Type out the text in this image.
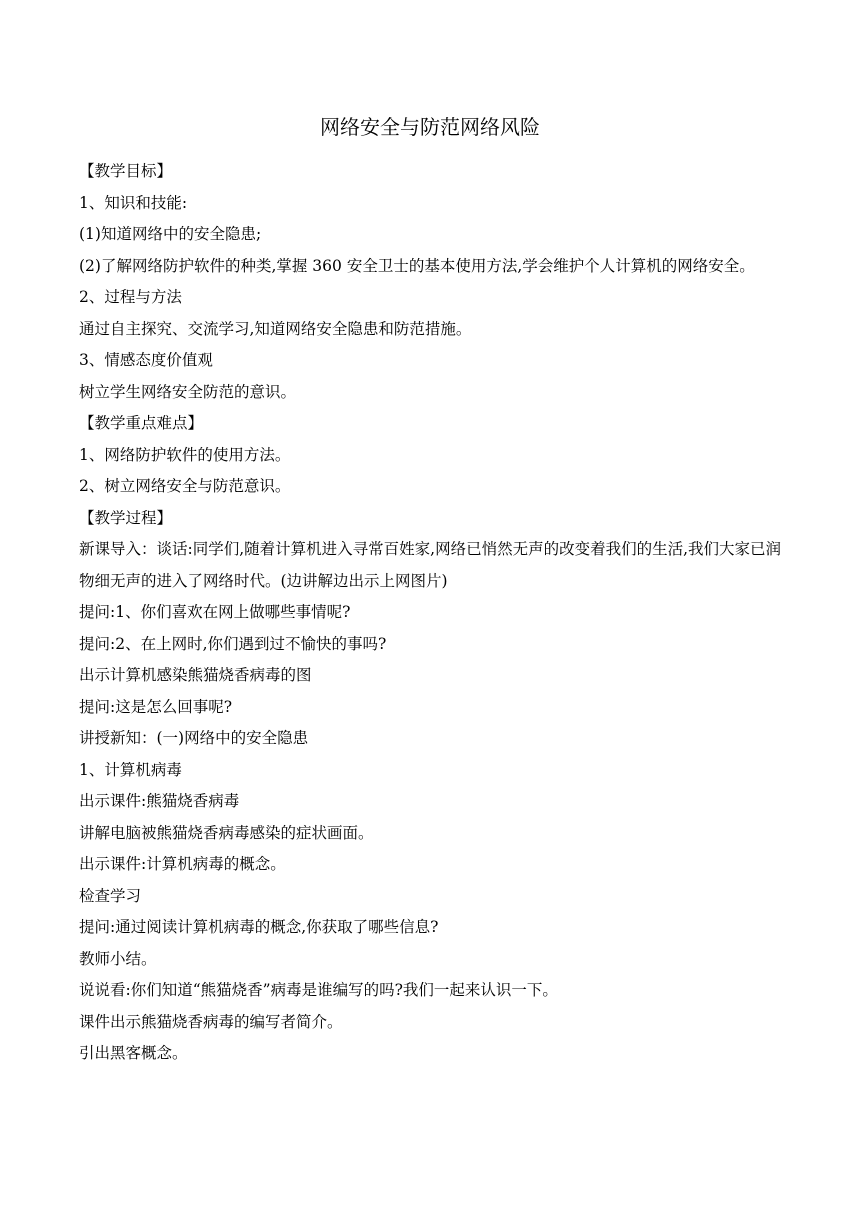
网络安全与防范网络风险

【教学目标】

1、知识和技能:

(1)知道网络中的安全隐患;

(2)了解网络防护软件的种类,掌握 360 安全卫士的基本使用方法,学会维护个人计算机的网络安全。

2、过程与方法

通过自主探究、交流学习,知道网络安全隐患和防范措施。

3、情感态度价值观

树立学生网络安全防范的意识。

【教学重点难点】

1、网络防护软件的使用方法。

2、树立网络安全与防范意识。

【教学过程】

新课导入：谈话:同学们,随着计算机进入寻常百姓家,网络已悄然无声的改变着我们的生活,我们大家已润物细无声的进入了网络时代。(边讲解边出示上网图片)

提问:1、你们喜欢在网上做哪些事情呢?

提问:2、在上网时,你们遇到过不愉快的事吗?

出示计算机感染熊猫烧香病毒的图

提问:这是怎么回事呢?

讲授新知：(一)网络中的安全隐患

1、计算机病毒

出示课件:熊猫烧香病毒

讲解电脑被熊猫烧香病毒感染的症状画面。

出示课件:计算机病毒的概念。

检查学习

提问:通过阅读计算机病毒的概念,你获取了哪些信息?

教师小结。

说说看:你们知道“熊猫烧香”病毒是谁编写的吗?我们一起来认识一下。

课件出示熊猫烧香病毒的编写者简介。

引出黑客概念。
